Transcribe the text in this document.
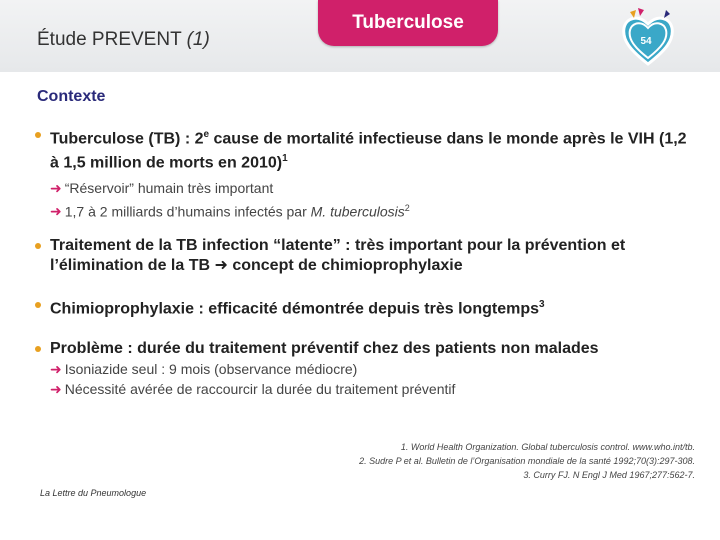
Étude PREVENT (1)
Tuberculose
54
Contexte
Tuberculose (TB) : 2e cause de mortalité infectieuse dans le monde après le VIH (1,2 à 1,5 million de morts en 2010)$^1$
➜ “Réservoir” humain très important
➜ 1,7 à 2 milliards d’humains infectés par M. tuberculosis$^2$
Traitement de la TB infection “latente” : très important pour la prévention et l’élimination de la TB ➜ concept de chimioprophylaxie
Chimioprophylaxie : efficacité démontrée depuis très longtemps$^3$
Problème : durée du traitement préventif chez des patients non malades
➜ Isoniazide seul : 9 mois (observance médiocre)
➜ Nécessité avérée de raccourcir la durée du traitement préventif
1. World Health Organization. Global tuberculosis control. www.who.int/tb.
2. Sudre P et al. Bulletin de l’Organisation mondiale de la santé 1992;70(3):297-308.
3. Curry FJ. N Engl J Med 1967;277:562-7.
La Lettre du Pneumologue
